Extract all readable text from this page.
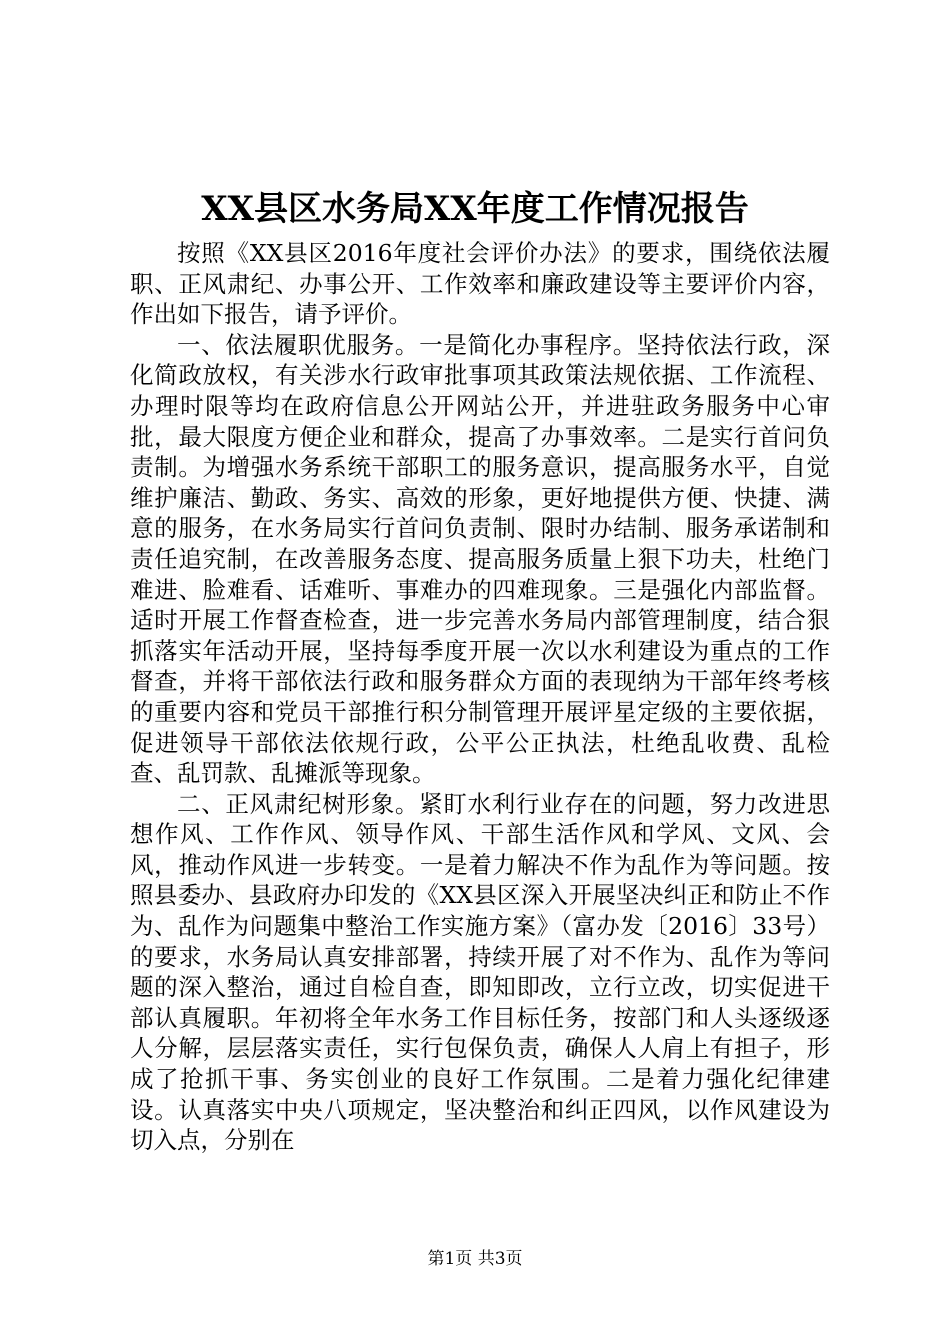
XX县区水务局XX年度工作情况报告

按照《XX县区2016年度社会评价办法》的要求，围绕依法履职、正风肃纪、办事公开、工作效率和廉政建设等主要评价内容，作出如下报告，请予评价。

一、依法履职优服务。一是简化办事程序。坚持依法行政，深化简政放权，有关涉水行政审批事项其政策法规依据、工作流程、办理时限等均在政府信息公开网站公开，并进驻政务服务中心审批，最大限度方便企业和群众，提高了办事效率。二是实行首问负责制。为增强水务系统干部职工的服务意识，提高服务水平，自觉维护廉洁、勤政、务实、高效的形象，更好地提供方便、快捷、满意的服务，在水务局实行首问负责制、限时办结制、服务承诺制和责任追究制，在改善服务态度、提高服务质量上狠下功夫，杜绝门难进、脸难看、话难听、事难办的四难现象。三是强化内部监督。适时开展工作督查检查，进一步完善水务局内部管理制度，结合狠抓落实年活动开展，坚持每季度开展一次以水利建设为重点的工作督查，并将干部依法行政和服务群众方面的表现纳为干部年终考核的重要内容和党员干部推行积分制管理开展评星定级的主要依据，促进领导干部依法依规行政，公平公正执法，杜绝乱收费、乱检查、乱罚款、乱摊派等现象。

二、正风肃纪树形象。紧盯水利行业存在的问题，努力改进思想作风、工作作风、领导作风、干部生活作风和学风、文风、会风，推动作风进一步转变。一是着力解决不作为乱作为等问题。按照县委办、县政府办印发的《XX县区深入开展坚决纠正和防止不作为、乱作为问题集中整治工作实施方案》（富办发〔2016〕33号）的要求，水务局认真安排部署，持续开展了对不作为、乱作为等问题的深入整治，通过自检自查，即知即改，立行立改，切实促进干部认真履职。年初将全年水务工作目标任务，按部门和人头逐级逐人分解，层层落实责任，实行包保负责，确保人人肩上有担子，形成了抢抓干事、务实创业的良好工作氛围。二是着力强化纪律建设。认真落实中央八项规定，坚决整治和纠正四风，以作风建设为切入点，分别在

第1页 共3页
